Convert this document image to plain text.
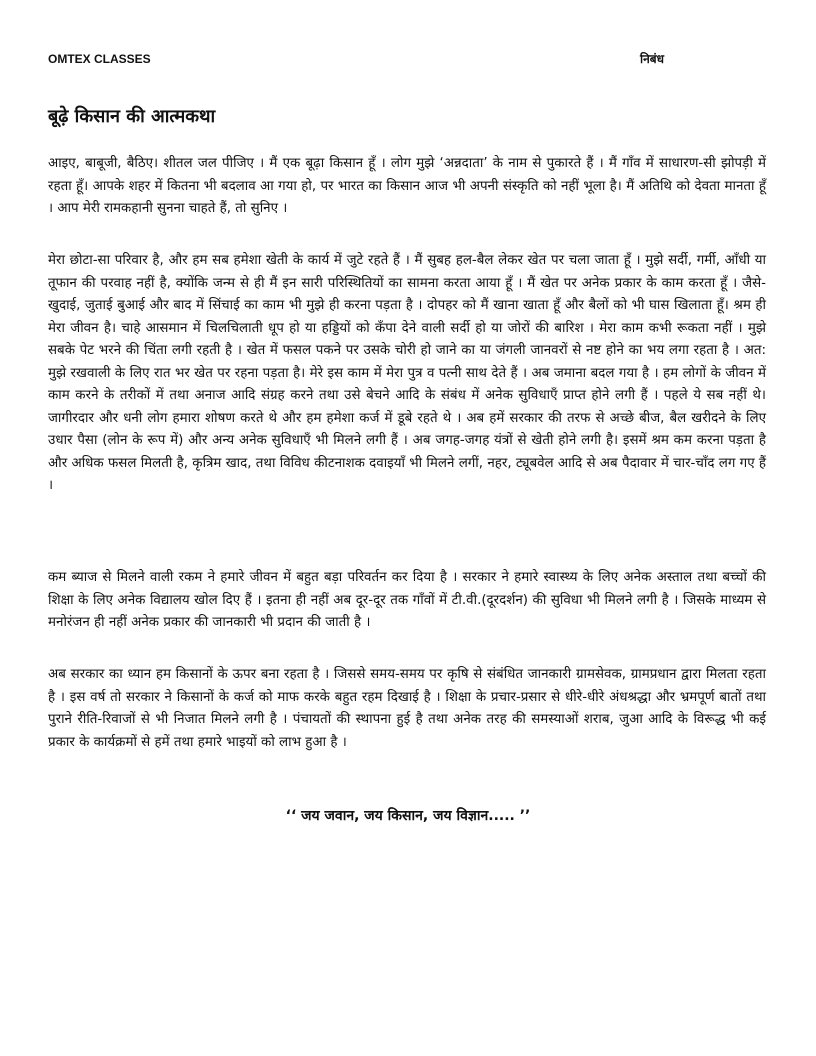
OMTEX CLASSES	निबंध
बूढ़े किसान की आत्मकथा

आइए, बाबूजी, बैठिए। शीतल जल पीजिए । मैं एक बूढ़ा किसान हूँ । लोग मुझे ‘अन्नदाता’ के नाम से पुकारते हैं । मैं गाँव में साधारण-सी झोपड़ी में रहता हूँ। आपके शहर में कितना भी बदलाव आ गया हो, पर भारत का किसान आज भी अपनी संस्कृति को नहीं भूला है। मैं अतिथि को देवता मानता हूँ । आप मेरी रामकहानी सुनना चाहते हैं, तो सुनिए ।

मेरा छोटा-सा परिवार है, और हम सब हमेशा खेती के कार्य में जुटे रहते हैं । मैं सुबह हल-बैल लेकर खेत पर चला जाता हूँ । मुझे सर्दी, गर्मी, आँधी या तूफान की परवाह नहीं है, क्योंकि जन्म से ही मैं इन सारी परिस्थितियों का सामना करता आया हूँ । मैं खेत पर अनेक प्रकार के काम करता हूँ । जैसे- खुदाई, जुताई बुआई और बाद में सिंचाई का काम भी मुझे ही करना पड़ता है । दोपहर को मैं खाना खाता हूँ और बैलों को भी घास खिलाता हूँ। श्रम ही मेरा जीवन है। चाहे आसमान में चिलचिलाती धूप हो या हड्डियों को कँपा देने वाली सर्दी हो या जोरों की बारिश । मेरा काम कभी रूकता नहीं । मुझे सबके पेट भरने की चिंता लगी रहती है । खेत में फसल पकने पर उसके चोरी हो जाने का या जंगली जानवरों से नष्ट होने का भय लगा रहता है । अत: मुझे रखवाली के लिए रात भर खेत पर रहना पड़ता है। मेरे इस काम में मेरा पुत्र व पत्नी साथ देते हैं । अब जमाना बदल गया है । हम लोगों के जीवन में काम करने के तरीकों में तथा अनाज आदि संग्रह करने तथा उसे बेचने आदि के संबंध में अनेक सुविधाएँ प्राप्त होने लगी हैं । पहले ये सब नहीं थे। जागीरदार और धनी लोग हमारा शोषण करते थे और हम हमेशा कर्ज में डूबे रहते थे । अब हमें सरकार की तरफ से अच्छे बीज, बैल खरीदने के लिए उधार पैसा (लोन के रूप में) और अन्य अनेक सुविधाएँ भी मिलने लगी हैं । अब जगह-जगह यंत्रों से खेती होने लगी है। इसमें श्रम कम करना पड़ता है और अधिक फसल मिलती है, कृत्रिम खाद, तथा विविध कीटनाशक दवाइयाँ भी मिलने लगीं, नहर, ट्यूबवेल आदि से अब पैदावार में चार-चाँद लग गए हैं ।

कम ब्याज से मिलने वाली रकम ने हमारे जीवन में बहुत बड़ा परिवर्तन कर दिया है । सरकार ने हमारे स्वास्थ्य के लिए अनेक अस्ताल तथा बच्चों की शिक्षा के लिए अनेक विद्यालय खोल दिए हैं । इतना ही नहीं अब दूर-दूर तक गाँवों में टी.वी.(दूरदर्शन) की सुविधा भी मिलने लगी है । जिसके माध्यम से मनोरंजन ही नहीं अनेक प्रकार की जानकारी भी प्रदान की जाती है ।

अब सरकार का ध्यान हम किसानों के ऊपर बना रहता है । जिससे समय-समय पर कृषि से संबंधित जानकारी ग्रामसेवक, ग्रामप्रधान द्वारा मिलता रहता है । इस वर्ष तो सरकार ने किसानों के कर्ज को माफ करके बहुत रहम दिखाई है । शिक्षा के प्रचार-प्रसार से धीरे-धीरे अंधश्रद्धा और भ्रमपूर्ण बातों तथा पुराने रीति-रिवाजों से भी निजात मिलने लगी है । पंचायतों की स्थापना हुई है तथा अनेक तरह की समस्याओं शराब, जुआ आदि के विरूद्ध भी कई प्रकार के कार्यक्रमों से हमें तथा हमारे भाइयों को लाभ हुआ है ।

‘‘ जय जवान, जय किसान, जय विज्ञान..... ’’
